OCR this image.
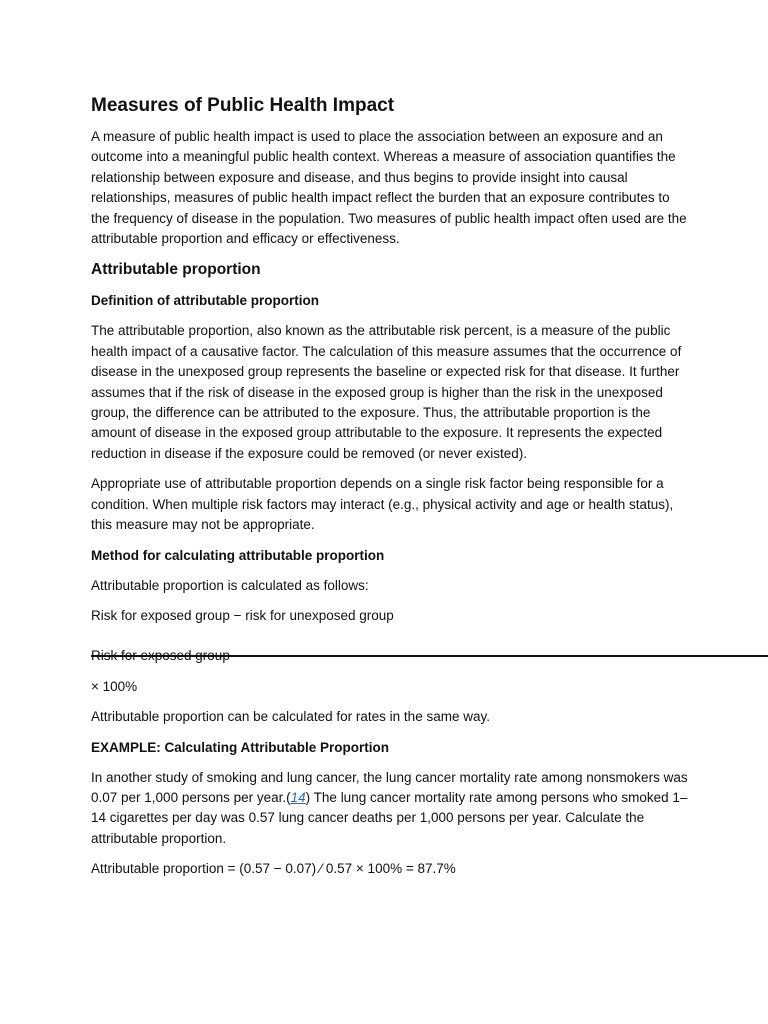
Measures of Public Health Impact

A measure of public health impact is used to place the association between an exposure and an outcome into a meaningful public health context. Whereas a measure of association quantifies the relationship between exposure and disease, and thus begins to provide insight into causal relationships, measures of public health impact reflect the burden that an exposure contributes to the frequency of disease in the population. Two measures of public health impact often used are the attributable proportion and efficacy or effectiveness.

Attributable proportion
Definition of attributable proportion

The attributable proportion, also known as the attributable risk percent, is a measure of the public health impact of a causative factor. The calculation of this measure assumes that the occurrence of disease in the unexposed group represents the baseline or expected risk for that disease. It further assumes that if the risk of disease in the exposed group is higher than the risk in the unexposed group, the difference can be attributed to the exposure. Thus, the attributable proportion is the amount of disease in the exposed group attributable to the exposure. It represents the expected reduction in disease if the exposure could be removed (or never existed).

Appropriate use of attributable proportion depends on a single risk factor being responsible for a condition. When multiple risk factors may interact (e.g., physical activity and age or health status), this measure may not be appropriate.

Method for calculating attributable proportion

Attributable proportion is calculated as follows:

Risk for exposed group − risk for unexposed group

Risk for exposed group

× 100%

Attributable proportion can be calculated for rates in the same way.

EXAMPLE: Calculating Attributable Proportion

In another study of smoking and lung cancer, the lung cancer mortality rate among nonsmokers was 0.07 per 1,000 persons per year.(14) The lung cancer mortality rate among persons who smoked 1–14 cigarettes per day was 0.57 lung cancer deaths per 1,000 persons per year. Calculate the attributable proportion.

Attributable proportion = (0.57 − 0.07) ⁄ 0.57 × 100% = 87.7%
